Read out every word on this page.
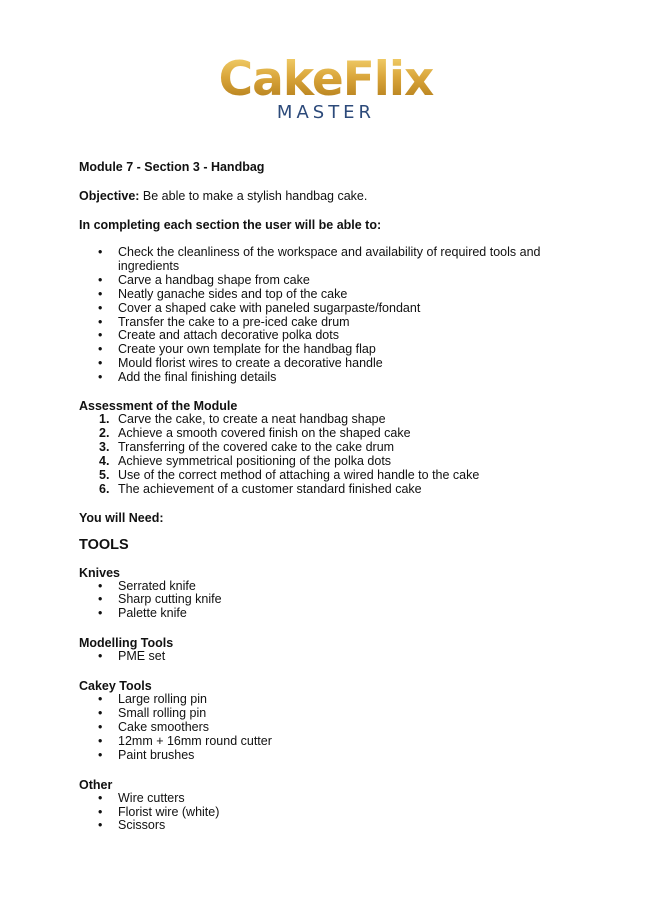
CakeFlix
MASTER

Module 7 - Section 3 - Handbag

Objective: Be able to make a stylish handbag cake.

In completing each section the user will be able to:

• Check the cleanliness of the workspace and availability of required tools and ingredients
• Carve a handbag shape from cake
• Neatly ganache sides and top of the cake
• Cover a shaped cake with paneled sugarpaste/fondant
• Transfer the cake to a pre-iced cake drum
• Create and attach decorative polka dots
• Create your own template for the handbag flap
• Mould florist wires to create a decorative handle
• Add the final finishing details

Assessment of the Module

1. Carve the cake, to create a neat handbag shape
2. Achieve a smooth covered finish on the shaped cake
3. Transferring of the covered cake to the cake drum
4. Achieve symmetrical positioning of the polka dots
5. Use of the correct method of attaching a wired handle to the cake
6. The achievement of a customer standard finished cake

You will Need:

TOOLS

Knives

• Serrated knife
• Sharp cutting knife
• Palette knife

Modelling Tools

• PME set

Cakey Tools

• Large rolling pin
• Small rolling pin
• Cake smoothers
• 12mm + 16mm round cutter
• Paint brushes

Other

• Wire cutters
• Florist wire (white)
• Scissors
